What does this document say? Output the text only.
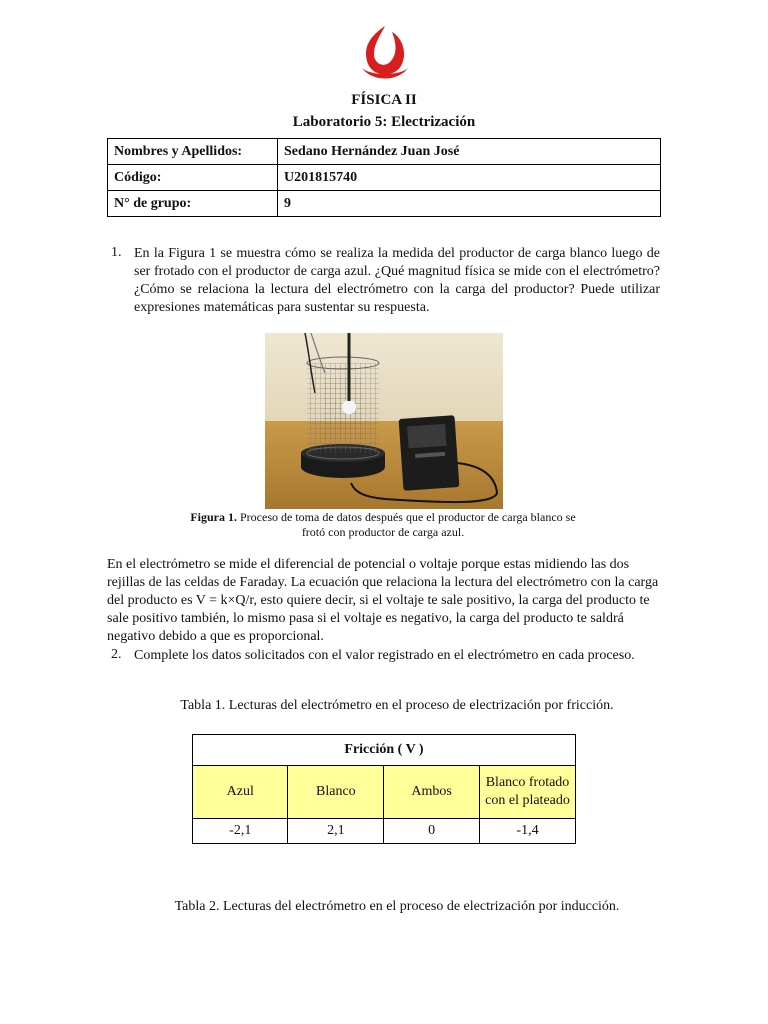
FÍSICA II
Laboratorio 5: Electrización
Nombres y Apellidos:	Sedano Hernández Juan José
Código:	U201815740
N° de grupo:	9
1. En la Figura 1 se muestra cómo se realiza la medida del productor de carga blanco luego de ser frotado con el productor de carga azul. ¿Qué magnitud física se mide con el electrómetro? ¿Cómo se relaciona la lectura del electrómetro con la carga del productor? Puede utilizar expresiones matemáticas para sustentar su respuesta.

Figura 1. Proceso de toma de datos después que el productor de carga blanco se frotó con productor de carga azul.

En el electrómetro se mide el diferencial de potencial o voltaje porque estas midiendo las dos rejillas de las celdas de Faraday. La ecuación que relaciona la lectura del electrómetro con la carga del producto es V = k×Q/r, esto quiere decir, si el voltaje te sale positivo, la carga del producto te sale positivo también, lo mismo pasa si el voltaje es negativo, la carga del producto te saldrá negativo debido a que es proporcional.

2. Complete los datos solicitados con el valor registrado en el electrómetro en cada proceso.

Tabla 1. Lecturas del electrómetro en el proceso de electrización por fricción.
Fricción ( V )			
Azul	Blanco	Ambos	Blanco frotado con el plateado
-2,1	2,1	0	-1,4
Tabla 2. Lecturas del electrómetro en el proceso de electrización por inducción.
